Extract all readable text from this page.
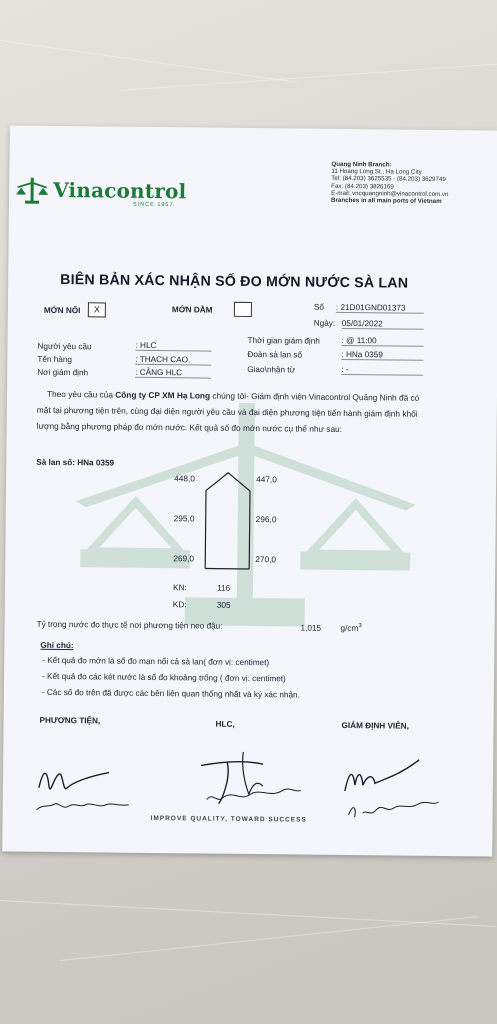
Vinacontrol
SINCE 1957
Quang Ninh Branch:
11 Hoang Long St., Ha Long City
Tel: (84.203) 3625535 - (84.203) 3629749
Fax: (84.203) 3826169
E-mail: vncquangninh@vinacontrol.com.vn
Branches in all main ports of Vietnam
BIÊN BẢN XÁC NHẬN SỐ ĐO MỚN NƯỚC SÀ LAN
MỚN NỔI	X	MỚN DẰM	Số : 21D01GND01373
Ngày: 05/01/2022
Người yêu cầu	: HLC
Tên hàng	: THẠCH CAO.
Nơi giám định	: CẢNG HLC
Thời gian giám định	: @ 11:00
Đoàn sà lan số	: HNa 0359
Giao\nhận từ	: -
Theo yêu cầu của Công ty CP XM Hạ Long chúng tôi- Giám định viên Vinacontrol Quảng Ninh đã có mặt tại phương tiện trên, cùng đại diện người yêu cầu và đại diện phương tiện tiến hành giám định khối lượng bằng phương pháp đo mớn nước. Kết quả số đo mớn nước cụ thể như sau:
Sà lan số: HNa 0359
448,0	447,0
295,0	296,0
269,0	270,0
KN:	116
KD:	305
Tỷ trọng nước đo thực tế nơi phương tiện neo đậu:	1,015 $g/cm^3$
Ghi chú:
- Kết quả đo mớn là số đo mạn nổi cả sà lan( đơn vị: centimet)
- Kết quả đo các két nước là số đo khoảng trống ( đơn vị: centimet)
- Các số đo trên đã được các bên liên quan thống nhất và ký xác nhận.
PHƯƠNG TIỆN,	HLC,	GIÁM ĐỊNH VIÊN,
IMPROVE QUALITY, TOWARD SUCCESS
